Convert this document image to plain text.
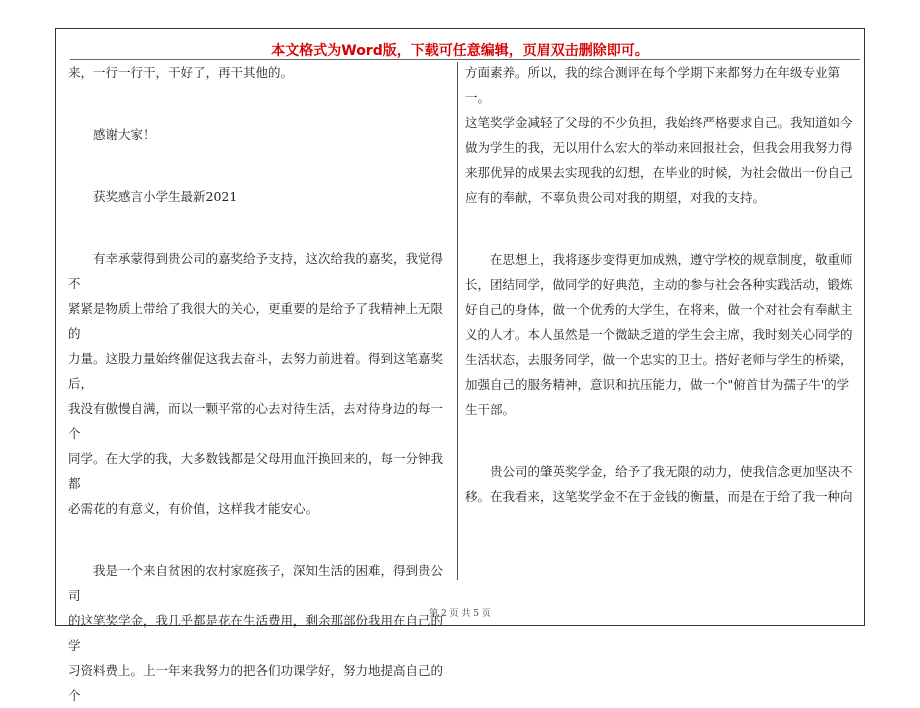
本文格式为Word版，下载可任意编辑，页眉双击删除即可。

来，一行一行干，干好了，再干其他的。

感谢大家！

获奖感言小学生最新2021

有幸承蒙得到贵公司的嘉奖给予支持，这次给我的嘉奖，我觉得不

紧紧是物质上带给了我很大的关心，更重要的是给予了我精神上无限的

力量。这股力量始终催促这我去奋斗，去努力前进着。得到这笔嘉奖后，

我没有傲慢自满，而以一颗平常的心去对待生活，去对待身边的每一个

同学。在大学的我，大多数钱都是父母用血汗换回来的，每一分钟我都

必需花的有意义，有价值，这样我才能安心。

我是一个来自贫困的农村家庭孩子，深知生活的困难，得到贵公司

的这笔奖学金，我几乎都是花在生活费用，剩余那部份我用在自己的学

习资料费上。上一年来我努力的把各们功课学好，努力地提高自己的个

方面素养。所以，我的综合测评在每个学期下来都努力在年级专业第一。

这笔奖学金减轻了父母的不少负担，我始终严格要求自己。我知道如今

做为学生的我，无以用什么宏大的举动来回报社会，但我会用我努力得

来那优异的成果去实现我的幻想，在毕业的时候，为社会做出一份自己

应有的奉献，不辜负贵公司对我的期望，对我的支持。

在思想上，我将逐步变得更加成熟，遵守学校的规章制度，敬重师

长，团结同学，做同学的好典范，主动的参与社会各种实践活动，锻炼

好自己的身体，做一个优秀的大学生，在将来，做一个对社会有奉献主

义的人才。本人虽然是一个微缺乏道的学生会主席，我时刻关心同学的

生活状态，去服务同学，做一个忠实的卫士。搭好老师与学生的桥梁，

加强自己的服务精神，意识和抗压能力，做一个"俯首甘为孺子牛'的学

生干部。

贵公司的肇英奖学金，给予了我无限的动力，使我信念更加坚决不

移。在我看来，这笔奖学金不在于金钱的衡量，而是在于给了我一种向

第 2 页 共 5 页
